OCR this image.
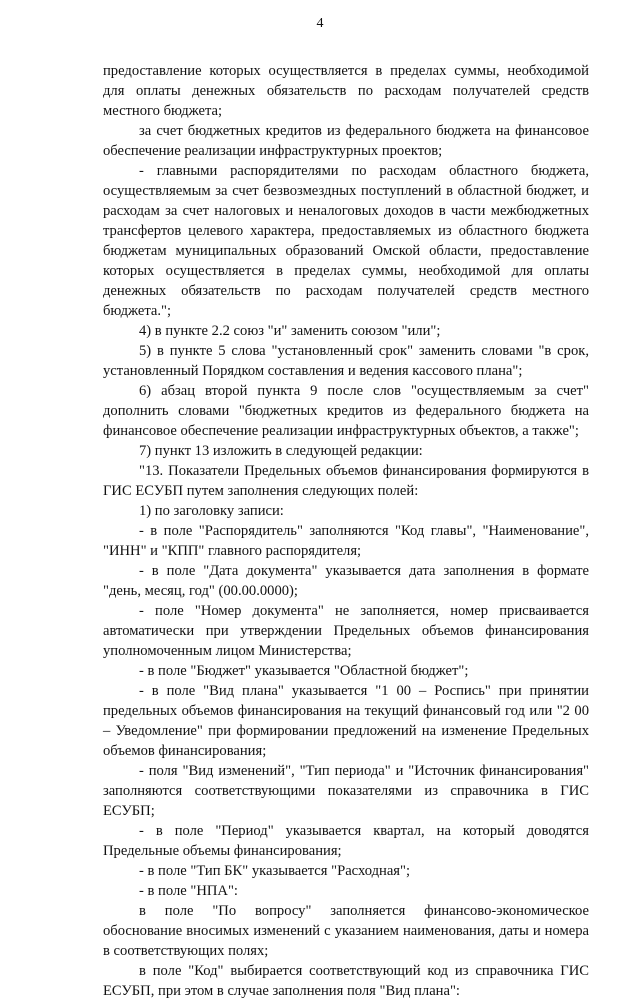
4

предоставление которых осуществляется в пределах суммы, необходимой для оплаты денежных обязательств по расходам получателей средств местного бюджета;

за счет бюджетных кредитов из федерального бюджета на финансовое обеспечение реализации инфраструктурных проектов;

- главными распорядителями по расходам областного бюджета, осуществляемым за счет безвозмездных поступлений в областной бюджет, и расходам за счет налоговых и неналоговых доходов в части межбюджетных трансфертов целевого характера, предоставляемых из областного бюджета бюджетам муниципальных образований Омской области, предоставление которых осуществляется в пределах суммы, необходимой для оплаты денежных обязательств по расходам получателей средств местного бюджета.";

4) в пункте 2.2 союз "и" заменить союзом "или";

5) в пункте 5 слова "установленный срок" заменить словами "в срок, установленный Порядком составления и ведения кассового плана";

6) абзац второй пункта 9 после слов "осуществляемым за счет" дополнить словами "бюджетных кредитов из федерального бюджета на финансовое обеспечение реализации инфраструктурных объектов, а также";

7) пункт 13 изложить в следующей редакции:

"13. Показатели Предельных объемов финансирования формируются в ГИС ЕСУБП путем заполнения следующих полей:

1) по заголовку записи:

- в поле "Распорядитель" заполняются "Код главы", "Наименование", "ИНН" и "КПП" главного распорядителя;

- в поле "Дата документа" указывается дата заполнения в формате "день, месяц, год" (00.00.0000);

- поле "Номер документа" не заполняется, номер присваивается автоматически при утверждении Предельных объемов финансирования уполномоченным лицом Министерства;

- в поле "Бюджет" указывается "Областной бюджет";

- в поле "Вид плана" указывается "1 00 – Роспись" при принятии предельных объемов финансирования на текущий финансовый год или "2 00 – Уведомление" при формировании предложений на изменение Предельных объемов финансирования;

- поля "Вид изменений", "Тип периода" и "Источник финансирования" заполняются соответствующими показателями из справочника в ГИС ЕСУБП;

- в поле "Период" указывается квартал, на который доводятся Предельные объемы финансирования;

- в поле "Тип БК" указывается "Расходная";

- в поле "НПА":

в поле "По вопросу" заполняется финансово-экономическое обоснование вносимых изменений с указанием наименования, даты и номера в соответствующих полях;

в поле "Код" выбирается соответствующий код из справочника ГИС ЕСУБП, при этом в случае заполнения поля "Вид плана":
